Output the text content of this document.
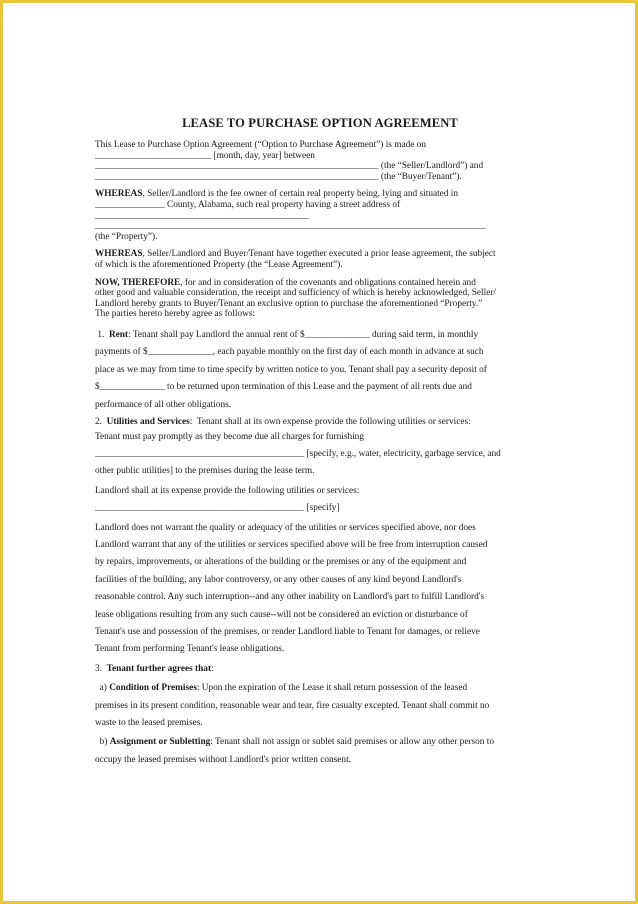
LEASE TO PURCHASE OPTION AGREEMENT
This Lease to Purchase Option Agreement (“Option to Purchase Agreement”) is made on
_________________________ [month, day, year] between
_____________________________________________________________ (the “Seller/Landlord”) and
_____________________________________________________________ (the “Buyer/Tenant”).
WHEREAS, Seller/Landlord is the fee owner of certain real property being, lying and situated in
_______________ County, Alabama, such real property having a street address of
______________________________________________
____________________________________________________________________________________
(the “Property”).
WHEREAS, Seller/Landlord and Buyer/Tenant have together executed a prior lease agreement, the subject
of which is the aforementioned Property (the “Lease Agreement”).
NOW, THEREFORE, for and in consideration of the covenants and obligations contained herein and
other good and valuable consideration, the receipt and sufficiency of which is hereby acknowledged, Seller/
Landlord hereby grants to Buyer/Tenant an exclusive option to purchase the aforementioned “Property.”
The parties hereto hereby agree as follows:
1. Rent: Tenant shall pay Landlord the annual rent of $______________ during said term, in monthly
payments of $______________, each payable monthly on the first day of each month in advance at such
place as we may from time to time specify by written notice to you. Tenant shall pay a security deposit of
$______________ to be returned upon termination of this Lease and the payment of all rents due and
performance of all other obligations.
2. Utilities and Services:  Tenant shall at its own expense provide the following utilities or services:
Tenant must pay promptly as they become due all charges for furnishing
_____________________________________________ [specify, e.g., water, electricity, garbage service, and
other public utilities] to the premises during the lease term.
Landlord shall at its expense provide the following utilities or services:
_____________________________________________ [specify]
Landlord does not warrant the quality or adequacy of the utilities or services specified above, nor does
Landlord warrant that any of the utilities or services specified above will be free from interruption caused
by repairs, improvements, or alterations of the building or the premises or any of the equipment and
facilities of the building, any labor controversy, or any other causes of any kind beyond Landlord's
reasonable control. Any such interruption--and any other inability on Landlord's part to fulfill Landlord's
lease obligations resulting from any such cause--will not be considered an eviction or disturbance of
Tenant's use and possession of the premises, or render Landlord liable to Tenant for damages, or relieve
Tenant from performing Tenant's lease obligations.
3. Tenant further agrees that:
a) Condition of Premises: Upon the expiration of the Lease it shall return possession of the leased
premises in its present condition, reasonable wear and tear, fire casualty excepted. Tenant shall commit no
waste to the leased premises.
b) Assignment or Subletting: Tenant shall not assign or sublet said premises or allow any other person to
occupy the leased premises without Landlord's prior written consent.
